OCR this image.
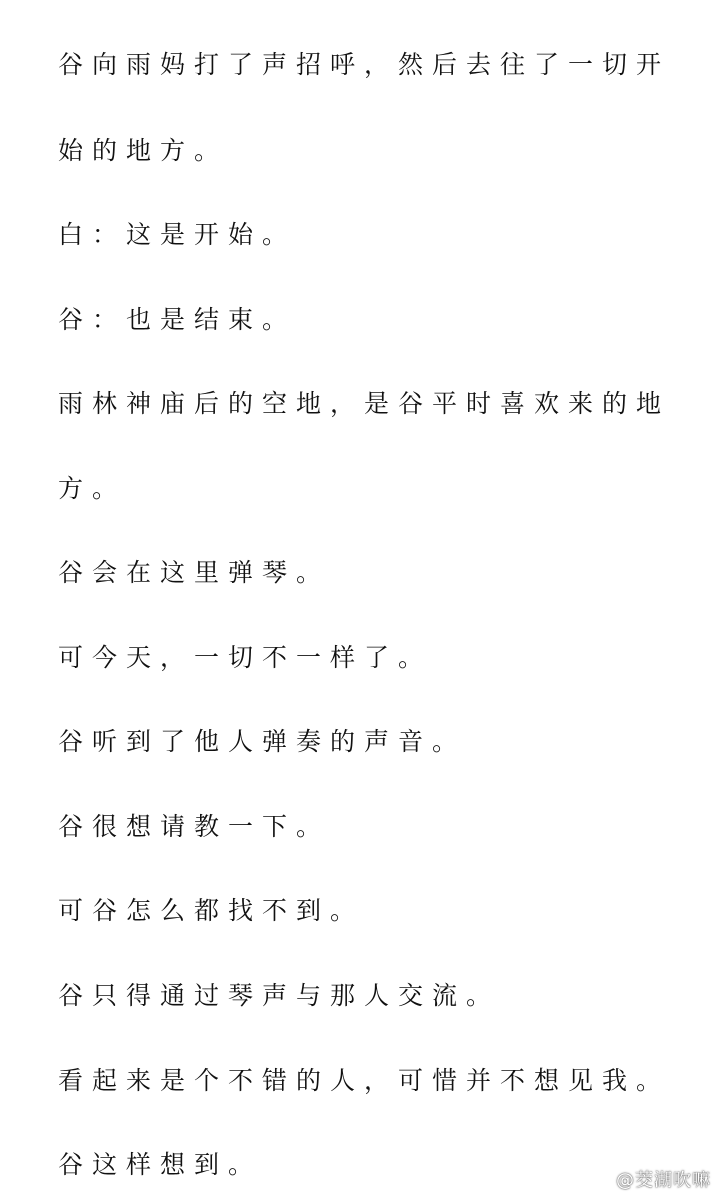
谷向雨妈打了声招呼，然后去往了一切开

始的地方。

白：这是开始。

谷：也是结束。

雨林神庙后的空地，是谷平时喜欢来的地

方。

谷会在这里弹琴。

可今天，一切不一样了。

谷听到了他人弹奏的声音。

谷很想请教一下。

可谷怎么都找不到。

谷只得通过琴声与那人交流。

看起来是个不错的人，可惜并不想见我。

谷这样想到。

@茭湖吹嘛
